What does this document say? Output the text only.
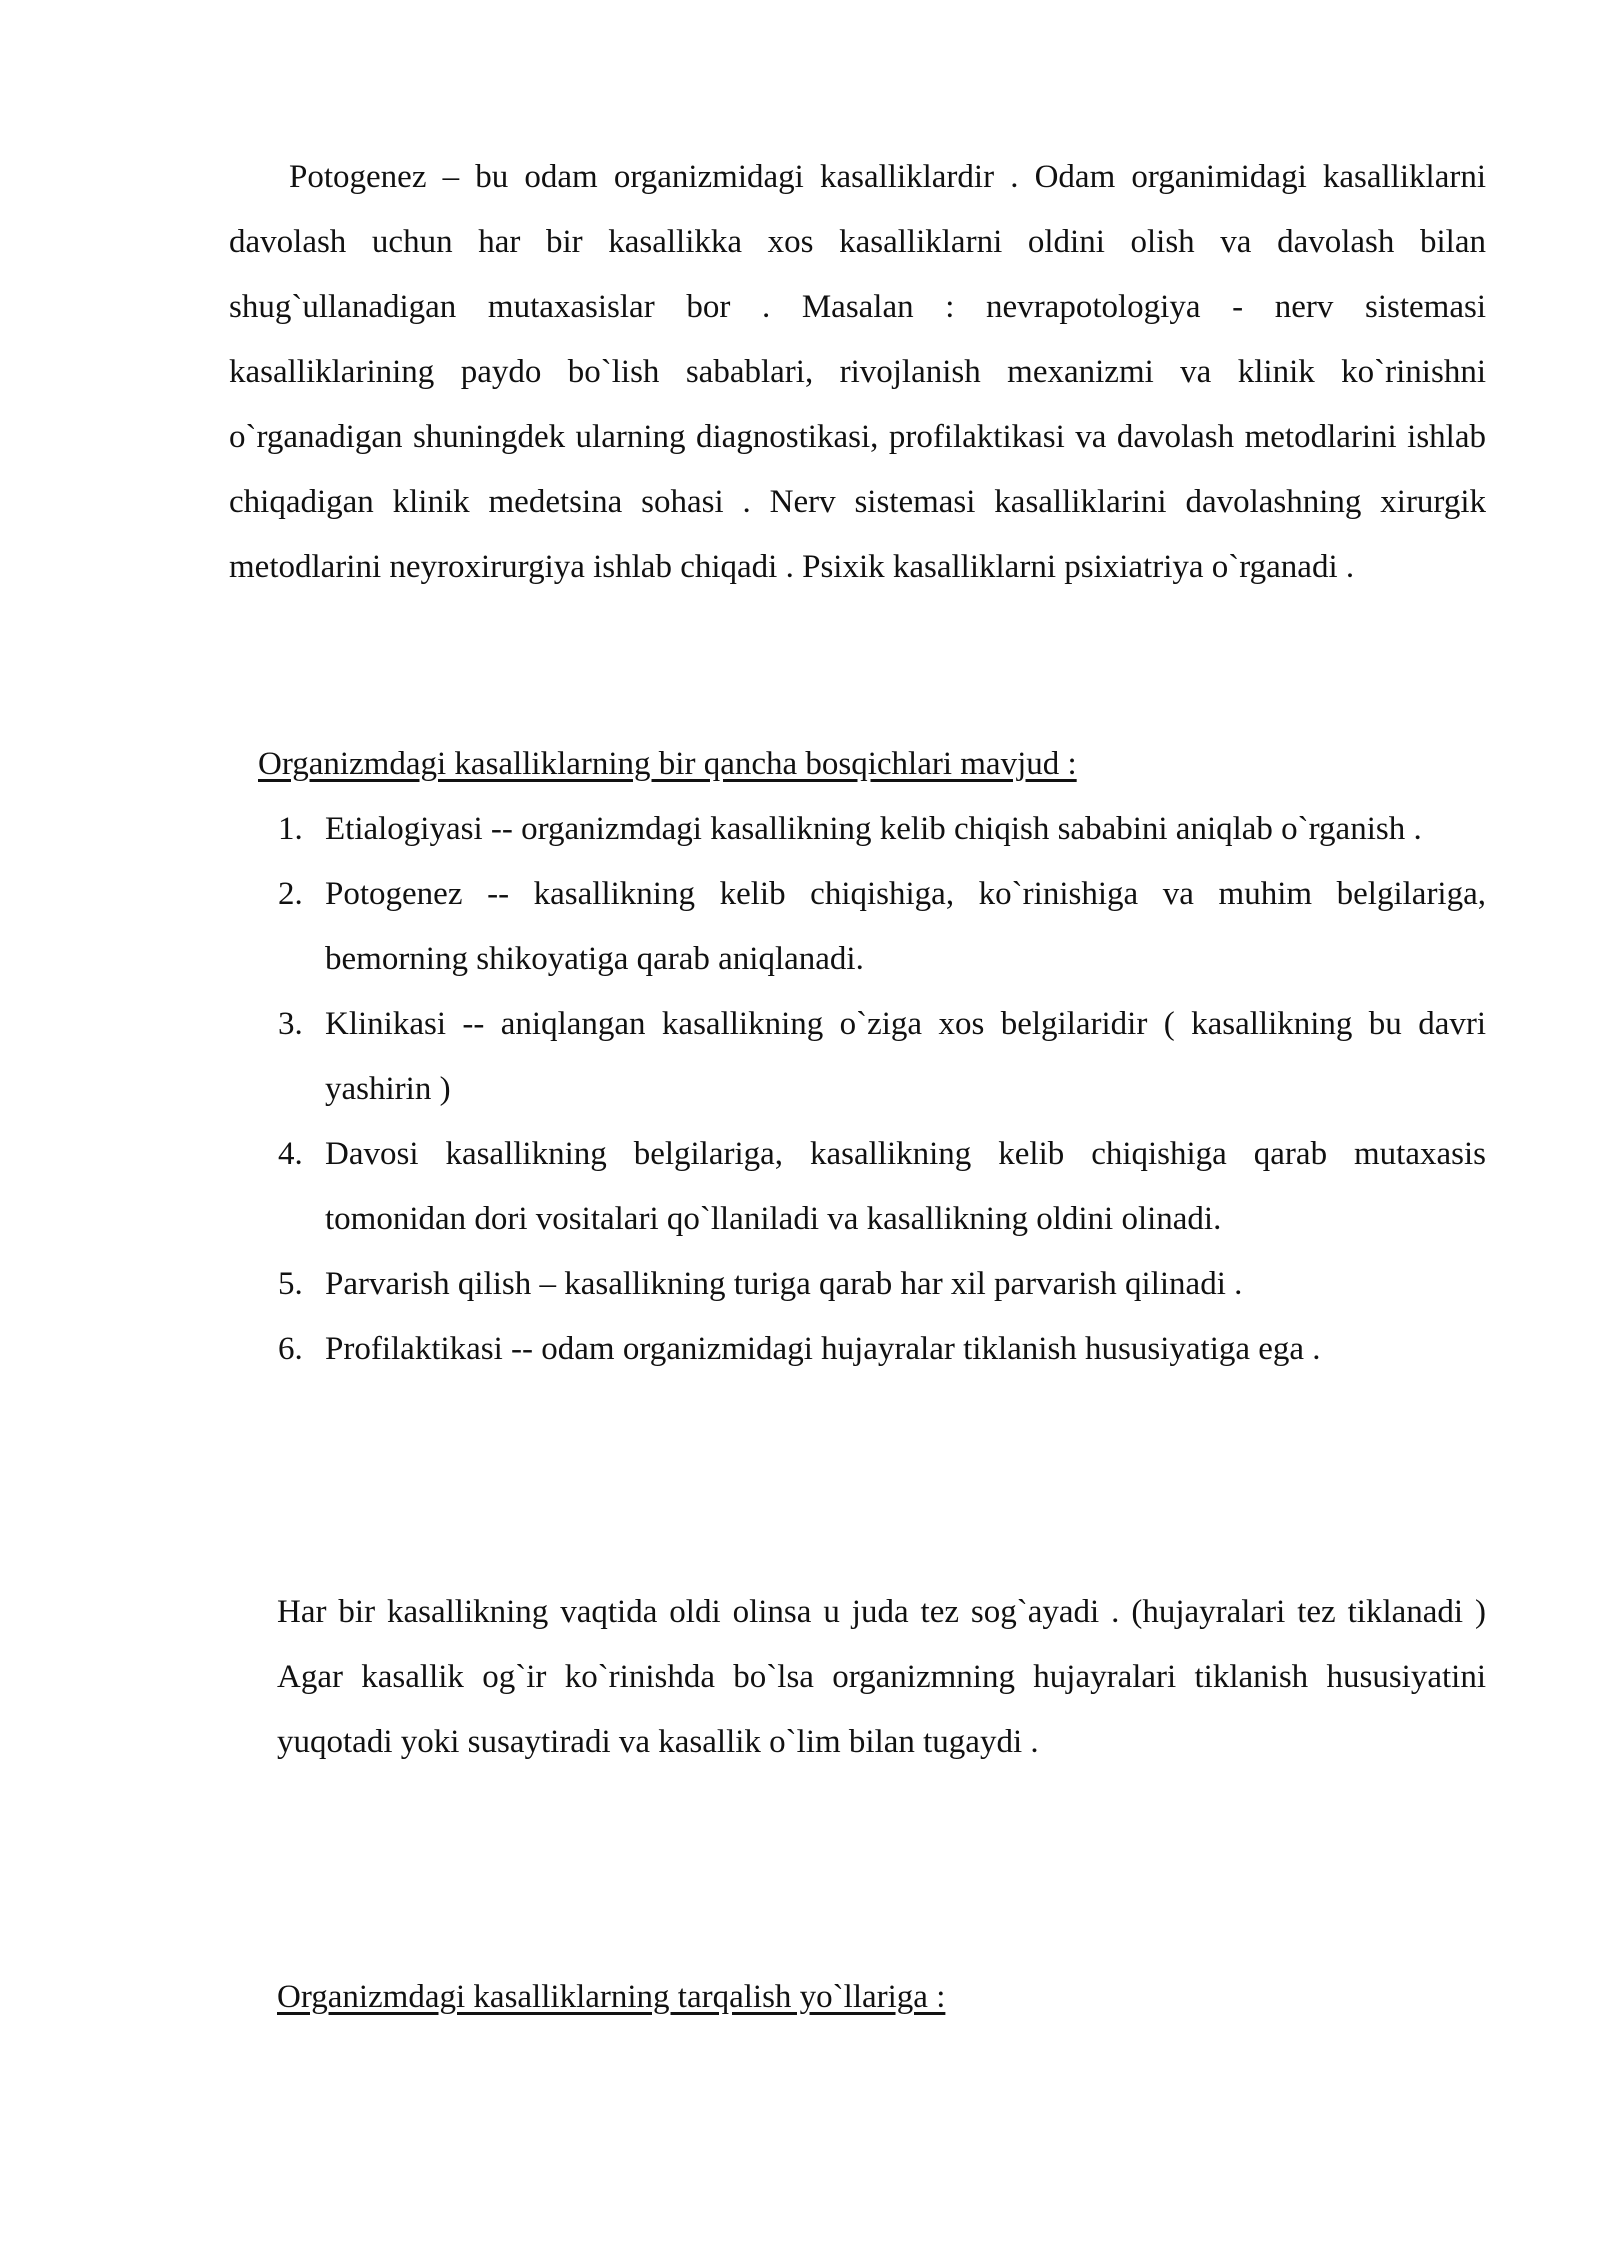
Potogenez – bu odam organizmidagi kasalliklardir . Odam organimidagi kasalliklarni davolash uchun har bir kasallikka xos kasalliklarni oldini olish va davolash bilan shug`ullanadigan mutaxasislar bor . Masalan : nevrapotologiya - nerv sistemasi kasalliklarining paydo bo`lish sabablari, rivojlanish mexanizmi va klinik ko`rinishni o`rganadigan shuningdek ularning diagnostikasi, profilaktikasi va davolash metodlarini ishlab chiqadigan klinik medetsina sohasi . Nerv sistemasi kasalliklarini davolashning xirurgik metodlarini neyroxirurgiya ishlab chiqadi . Psixik kasalliklarni psixiatriya o`rganadi .

Organizmdagi kasalliklarning bir qancha bosqichlari mavjud :

1. Etialogiyasi -- organizmdagi kasallikning kelib chiqish sababini aniqlab o`rganish .
2. Potogenez -- kasallikning kelib chiqishiga, ko`rinishiga va muhim belgilariga, bemorning shikoyatiga qarab aniqlanadi.
3. Klinikasi -- aniqlangan kasallikning o`ziga xos belgilaridir ( kasallikning bu davri yashirin )
4. Davosi kasallikning belgilariga, kasallikning kelib chiqishiga qarab mutaxasis tomonidan dori vositalari qo`llaniladi va kasallikning oldini olinadi.
5. Parvarish qilish – kasallikning turiga qarab har xil parvarish qilinadi .
6. Profilaktikasi -- odam organizmidagi hujayralar tiklanish hususiyatiga ega .

Har bir kasallikning vaqtida oldi olinsa u juda tez sog`ayadi . (hujayralari tez tiklanadi ) Agar kasallik og`ir ko`rinishda bo`lsa organizmning hujayralari tiklanish hususiyatini yuqotadi yoki susaytiradi va kasallik o`lim bilan tugaydi .

Organizmdagi kasalliklarning tarqalish yo`llariga :
